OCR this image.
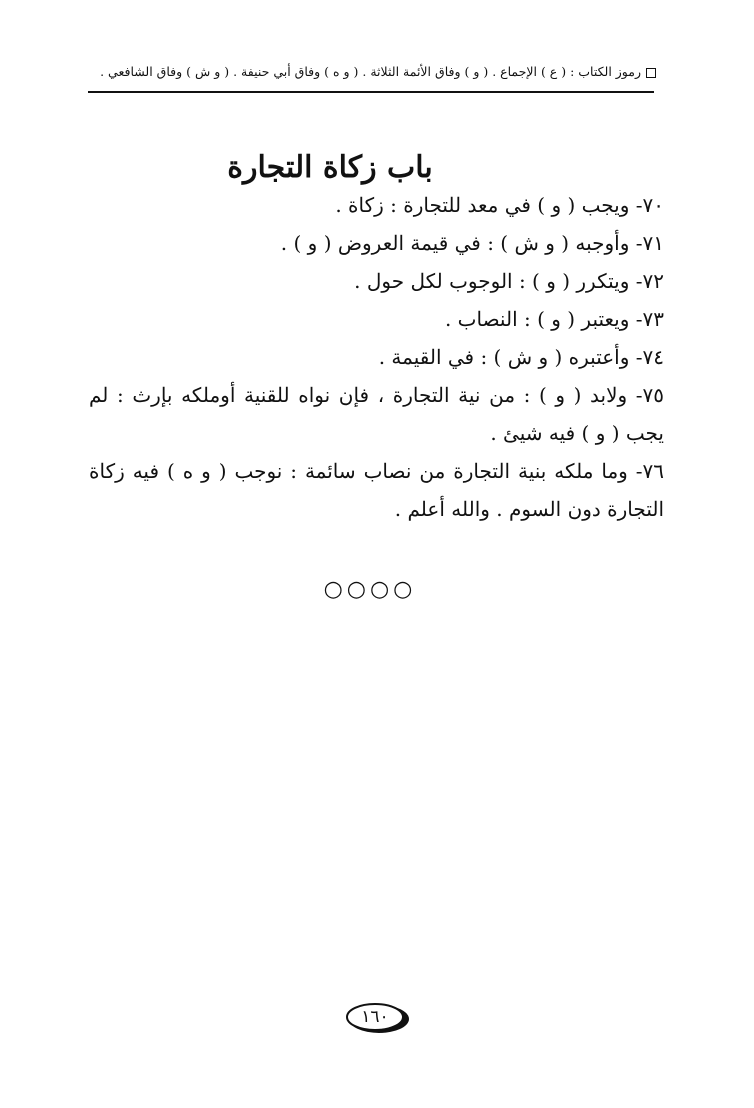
رموز الكتاب : ( ع ) الإجماع . ( و ) وفاق الأئمة الثلاثة . ( و ه ) وفاق أبي حنيفة . ( و ش ) وفاق الشافعي .
باب زكاة التجارة
٧٠- ويجب ( و ) في معد للتجارة : زكاة .
٧١- وأوجبه ( و ش ) : في قيمة العروض ( و ) .
٧٢- ويتكرر ( و ) : الوجوب لكل حول .
٧٣- ويعتبر ( و ) : النصاب .
٧٤- وأعتبره ( و ش ) : في القيمة .
٧٥- ولابد ( و ) : من نية التجارة ، فإن نواه للقنية أوملكه بإرث : لم يجب ( و ) فيه شيئ .
٧٦- وما ملكه بنية التجارة من نصاب سائمة : نوجب ( و ه ) فيه زكاة التجارة دون السوم . والله أعلم .
○○○○
١٦٠
